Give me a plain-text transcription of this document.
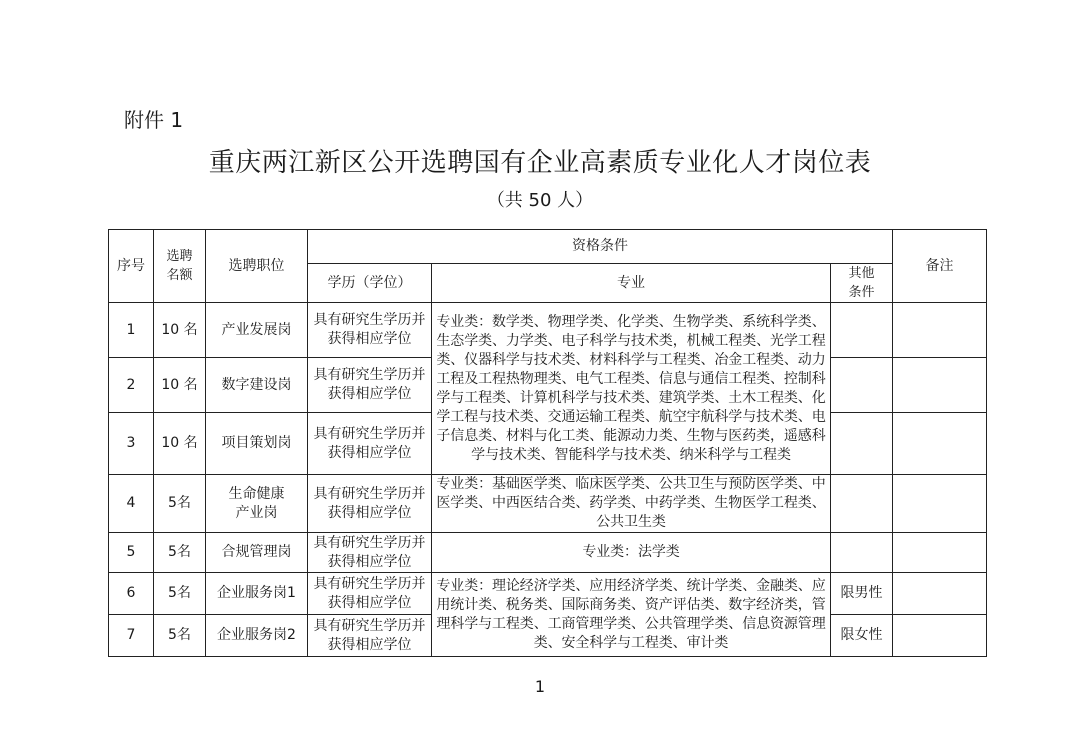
附件 1
重庆两江新区公开选聘国有企业高素质专业化人才岗位表
（共 50 人）
序号	选聘名额	选聘职位	资格条件			备注
			学历（学位）	专业	其他条件	
1	10 名	产业发展岗	具有研究生学历并获得相应学位	专业类：数学类、物理学类、化学类、生物学类、系统科学类、生态学类、力学类、电子科学与技术类，机械工程类、光学工程类、仪器科学与技术类、材料科学与工程类、冶金工程类、动力工程及工程热物理类、电气工程类、信息与通信工程类、控制科学与工程类、计算机科学与技术类、建筑学类、土木工程类、化学工程与技术类、交通运输工程类、航空宇航科学与技术类、电子信息类、材料与化工类、能源动力类、生物与医药类，遥感科学与技术类、智能科学与技术类、纳米科学与工程类		
2	10 名	数字建设岗	具有研究生学历并获得相应学位			
3	10 名	项目策划岗	具有研究生学历并获得相应学位			
4	5名	生命健康产业岗	具有研究生学历并获得相应学位	专业类：基础医学类、临床医学类、公共卫生与预防医学类、中医学类、中西医结合类、药学类、中药学类、生物医学工程类、公共卫生类		
5	5名	合规管理岗	具有研究生学历并获得相应学位	专业类：法学类		
6	5名	企业服务岗1	具有研究生学历并获得相应学位	专业类：理论经济学类、应用经济学类、统计学类、金融类、应用统计类、税务类、国际商务类、资产评估类、数字经济类，管理科学与工程类、工商管理学类、公共管理学类、信息资源管理类、安全科学与工程类、审计类	限男性	
7	5名	企业服务岗2	具有研究生学历并获得相应学位		限女性	
1
